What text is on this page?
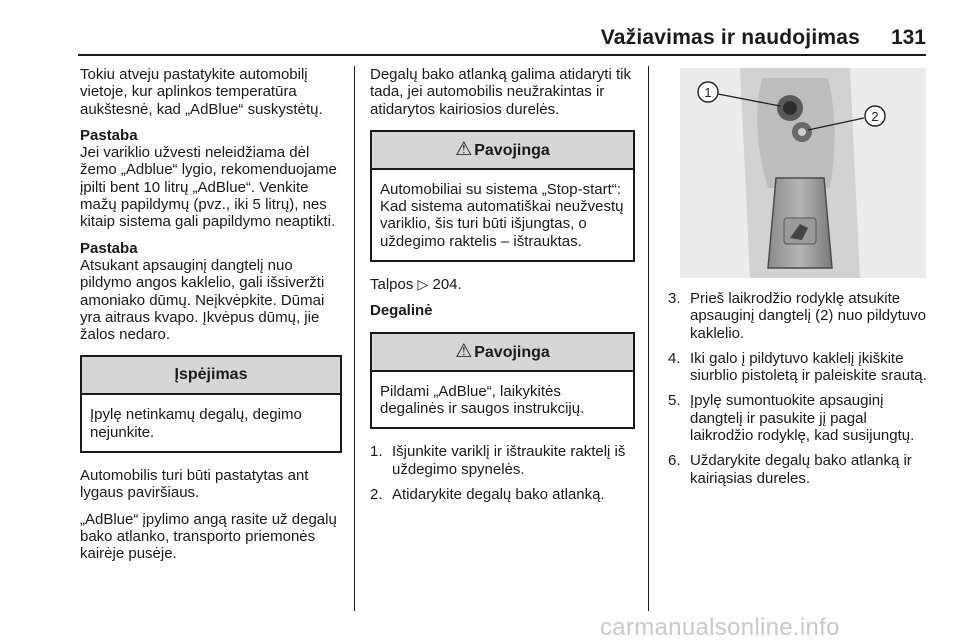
Važiavimas ir naudojimas 131

Tokiu atveju pastatykite automobilį vietoje, kur aplinkos temperatūra aukštesnė, kad „AdBlue“ suskystėtų.

Pastaba

Jei variklio užvesti neleidžiama dėl žemo „Adblue“ lygio, rekomenduojame įpilti bent 10 litrų „AdBlue“. Venkite mažų papildymų (pvz., iki 5 litrų), nes kitaip sistema gali papildymo neaptikti.

Pastaba

Atsukant apsauginį dangtelį nuo pildymo angos kaklelio, gali išsiveržti amoniako dūmų. Neįkvėpkite. Dūmai yra aitraus kvapo. Įkvėpus dūmų, jie žalos nedaro.

Įspėjimas
Įpylę netinkamų degalų, degimo nejunkite.

Automobilis turi būti pastatytas ant lygaus paviršiaus.

„AdBlue“ įpylimo angą rasite už degalų bako atlanko, transporto priemonės kairėje pusėje.

Degalų bako atlanką galima atidaryti tik tada, jei automobilis neužrakintas ir atidarytos kairiosios durelės.

⚠ Pavojinga
Automobiliai su sistema „Stop-start“: Kad sistema automatiškai neužvestų variklio, šis turi būti išjungtas, o uždegimo raktelis – ištrauktas.

Talpos ▷ 204.

Degalinė

⚠ Pavojinga
Pildami „AdBlue“, laikykitės degalinės ir saugos instrukcijų.
1. Išjunkite variklį ir ištraukite raktelį iš uždegimo spynelės.
2. Atidarykite degalų bako atlanką.
1
2
3. Prieš laikrodžio rodyklę atsukite apsauginį dangtelį (2) nuo pildytuvo kaklelio.
4. Iki galo į pildytuvo kaklelį įkiškite siurblio pistoletą ir paleiskite srautą.
5. Įpylę sumontuokite apsauginį dangtelį ir pasukite jį pagal laikrodžio rodyklę, kad susijungtų.
6. Uždarykite degalų bako atlanką ir kairiąsias dureles.
carmanualsonline.info
